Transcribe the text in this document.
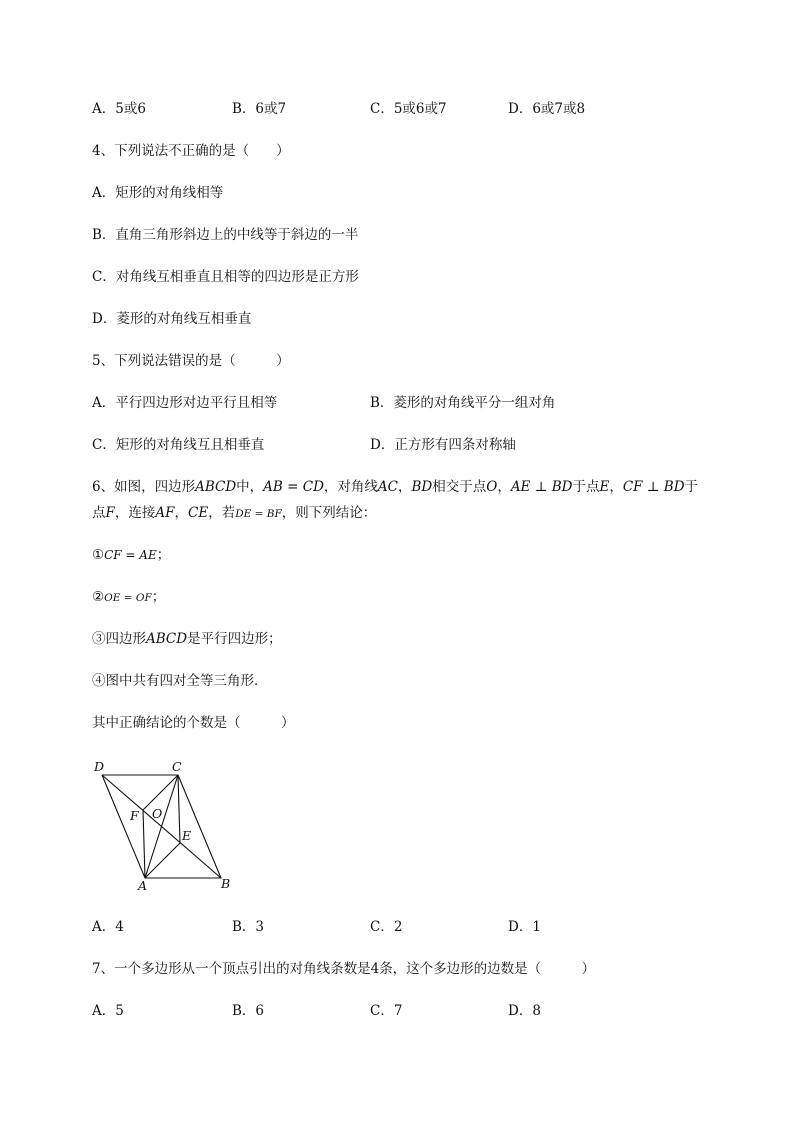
A．5或6	B．6或7	C．5或6或7	D．6或7或8
4、下列说法不正确的是（　　）
A．矩形的对角线相等
B．直角三角形斜边上的中线等于斜边的一半
C．对角线互相垂直且相等的四边形是正方形
D．菱形的对角线互相垂直
5、下列说法错误的是（　　　）
A．平行四边形对边平行且相等	B．菱形的对角线平分一组对角
C．矩形的对角线互且相垂直	D．正方形有四条对称轴
6、如图，四边形ABCD中，AB = CD，对角线AC，BD相交于点O，AE ⊥ BD于点E，CF ⊥ BD于
点F，连接AF，CE，若DE = BF，则下列结论：
①CF = AE；
②OE = OF；
③四边形ABCD是平行四边形；
④图中共有四对全等三角形．
其中正确结论的个数是（　　　）
D	C
F O
E
A	B
A．4	B．3	C．2	D．1
7、一个多边形从一个顶点引出的对角线条数是4条，这个多边形的边数是（　　　）
A．5	B．6	C．7	D．8
